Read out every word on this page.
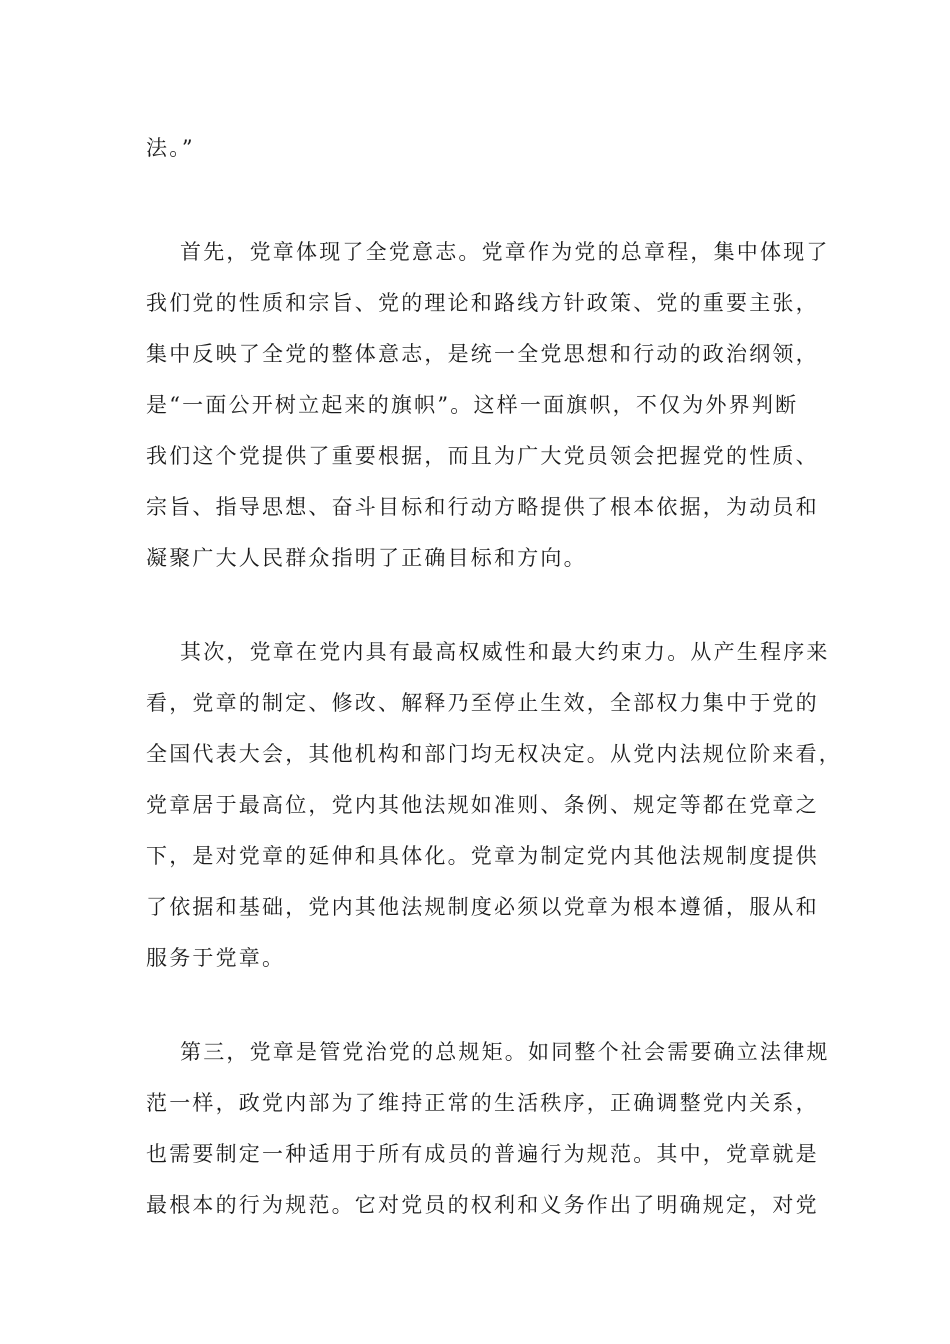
法。”
首先，党章体现了全党意志。党章作为党的总章程，集中体现了
我们党的性质和宗旨、党的理论和路线方针政策、党的重要主张，
集中反映了全党的整体意志，是统一全党思想和行动的政治纲领，
是“一面公开树立起来的旗帜”。这样一面旗帜，不仅为外界判断
我们这个党提供了重要根据，而且为广大党员领会把握党的性质、
宗旨、指导思想、奋斗目标和行动方略提供了根本依据，为动员和
凝聚广大人民群众指明了正确目标和方向。
其次，党章在党内具有最高权威性和最大约束力。从产生程序来
看，党章的制定、修改、解释乃至停止生效，全部权力集中于党的
全国代表大会，其他机构和部门均无权决定。从党内法规位阶来看，
党章居于最高位，党内其他法规如准则、条例、规定等都在党章之
下，是对党章的延伸和具体化。党章为制定党内其他法规制度提供
了依据和基础，党内其他法规制度必须以党章为根本遵循，服从和
服务于党章。
第三，党章是管党治党的总规矩。如同整个社会需要确立法律规
范一样，政党内部为了维持正常的生活秩序，正确调整党内关系，
也需要制定一种适用于所有成员的普遍行为规范。其中，党章就是
最根本的行为规范。它对党员的权利和义务作出了明确规定，对党
